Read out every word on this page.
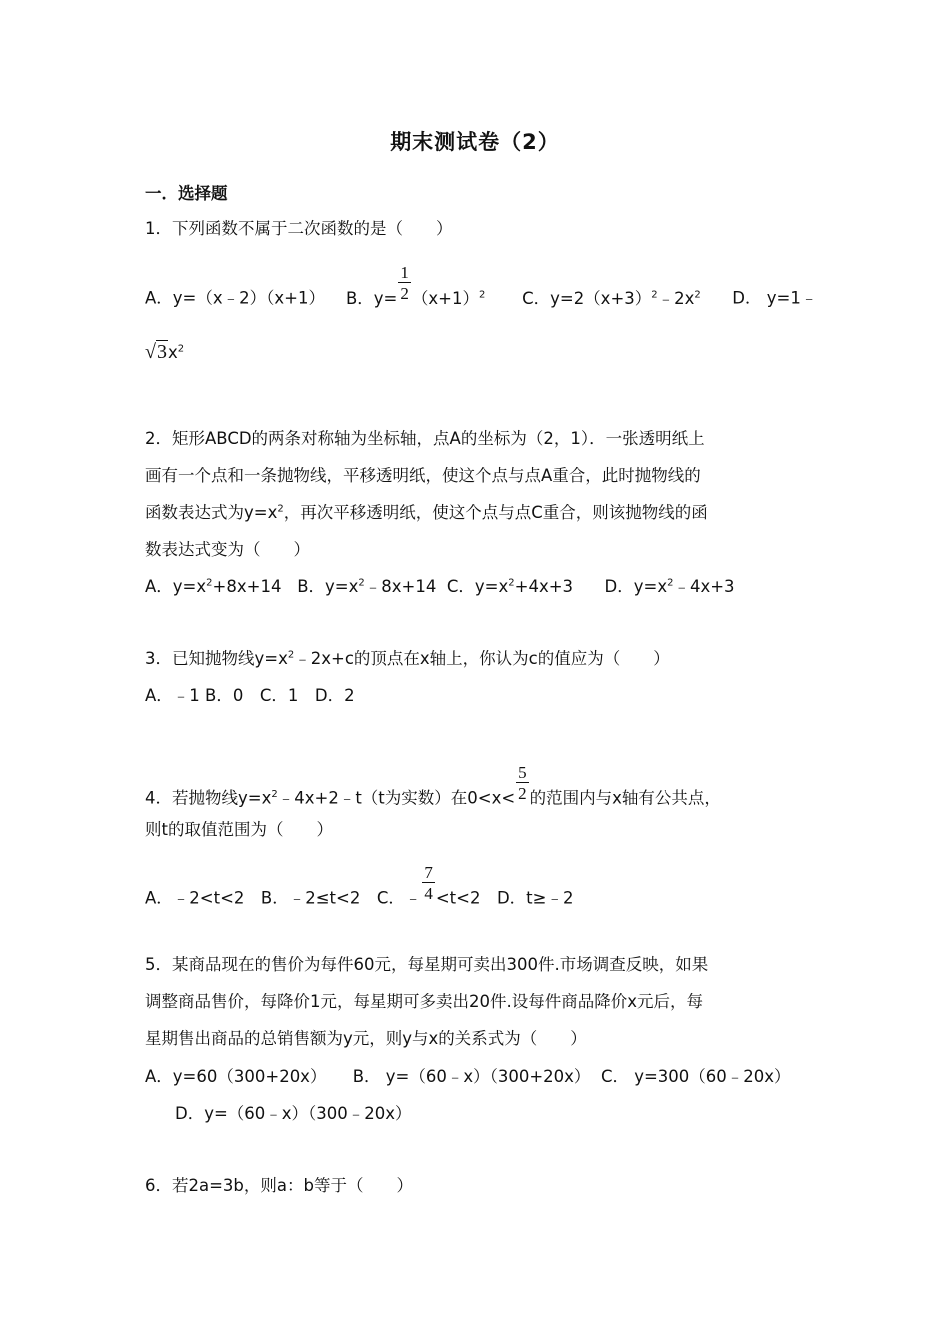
期末测试卷（2）
一．选择题
1．下列函数不属于二次函数的是（　　）
A．y=（x﹣2）（x+1） B．$y= \frac{1}{2} (x+1)^2$ C．$y=2(x+3)^2﹣2x^2$ D． y=1﹣
$√3x^2$
2．矩形ABCD的两条对称轴为坐标轴，点A的坐标为（2，1）．一张透明纸上
画有一个点和一条抛物线，平移透明纸，使这个点与点A重合，此时抛物线的
函数表达式为$y=x^2$，再次平移透明纸，使这个点与点C重合，则该抛物线的函
数表达式变为（　　）
A．$y=x^2+8x+14$ B．$y=x^2﹣8x+14$ C．$y=x^2+4x+3$ D．$y=x^2﹣4x+3$
3．已知抛物线$y=x^2﹣2x+c$的顶点在x轴上，你认为c的值应为（　　）
A．﹣1 B．0　C．1　D．2
4．若抛物线$y=x^2﹣4x+2﹣t(t$为实数）在$0<x< \frac{5}{2}$ 的范围内与x轴有公共点，
则t的取值范围为（　　）
A．﹣2<t<2　B．﹣2≤t<2　C．﹣ $\frac{7}{4} <t<2$　D．t≥﹣2
5．某商品现在的售价为每件60元，每星期可卖出300件.市场调查反映，如果
调整商品售价，每降价1元，每星期可多卖出20件.设每件商品降价x元后，每
星期售出商品的总销售额为y元，则y与x的关系式为（　　）
A．y=60（300+20x） B． y=（60﹣x）（300+20x） C． y=300（60﹣20x）
D．y=（60﹣x）（300﹣20x）
6．若2a=3b，则a：b等于（　　）
